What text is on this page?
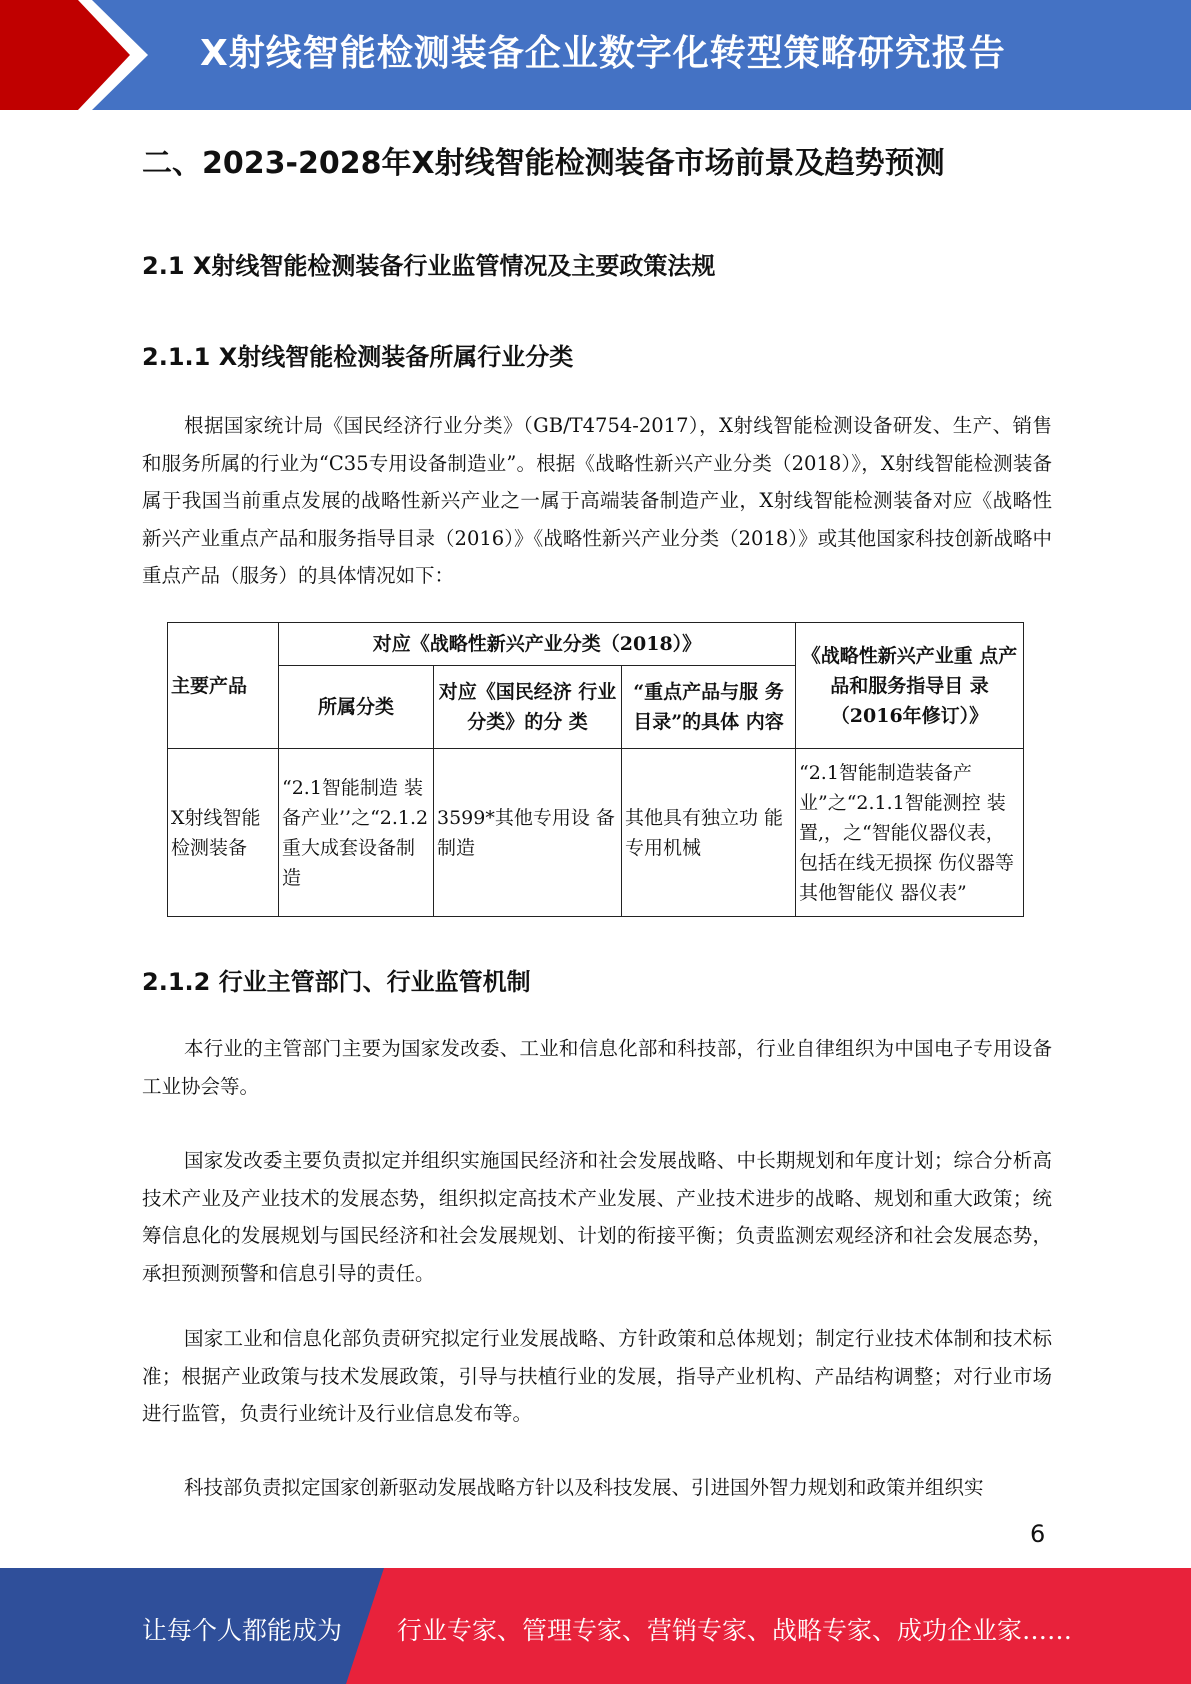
X射线智能检测装备企业数字化转型策略研究报告
二、2023-2028年X射线智能检测装备市场前景及趋势预测
2.1 X射线智能检测装备行业监管情况及主要政策法规
2.1.1 X射线智能检测装备所属行业分类

根据国家统计局《国民经济行业分类》（GB/T4754-2017），X射线智能检测设备研发、生产、销售和服务所属的行业为“C35专用设备制造业”。根据《战略性新兴产业分类（2018）》，X射线智能检测装备属于我国当前重点发展的战略性新兴产业之一属于高端装备制造产业，X射线智能检测装备对应《战略性新兴产业重点产品和服务指导目录（2016）》《战略性新兴产业分类（2018）》或其他国家科技创新战略中重点产品（服务）的具体情况如下：

主要产品	对应《战略性新兴产业分类（2018）》			《战略性新兴产业重 点产品和服务指导目 录（2016年修订）》
	所属分类	对应《国民经济 行业分类》的分 类	“重点产品与服 务目录”的具体 内容	
X射线智能检测装备	“2.1智能制造 装备产业’’之“2.1.2重大成套设备制造	3599*其他专用设 备制造	其他具有独立功 能专用机械	“2.1智能制造装备产 业”之“2.1.1智能测控 装置,，之“智能仪器仪表，包括在线无损探 伤仪器等其他智能仪 器仪表”
2.1.2 行业主管部门、行业监管机制

本行业的主管部门主要为国家发改委、工业和信息化部和科技部，行业自律组织为中国电子专用设备工业协会等。

国家发改委主要负责拟定并组织实施国民经济和社会发展战略、中长期规划和年度计划；综合分析高技术产业及产业技术的发展态势，组织拟定高技术产业发展、产业技术进步的战略、规划和重大政策；统筹信息化的发展规划与国民经济和社会发展规划、计划的衔接平衡；负责监测宏观经济和社会发展态势，承担预测预警和信息引导的责任。

国家工业和信息化部负责研究拟定行业发展战略、方针政策和总体规划；制定行业技术体制和技术标准；根据产业政策与技术发展政策，引导与扶植行业的发展，指导产业机构、产品结构调整；对行业市场进行监管，负责行业统计及行业信息发布等。

科技部负责拟定国家创新驱动发展战略方针以及科技发展、引进国外智力规划和政策并组织实

6
让每个人都能成为 行业专家、管理专家、营销专家、战略专家、成功企业家……
